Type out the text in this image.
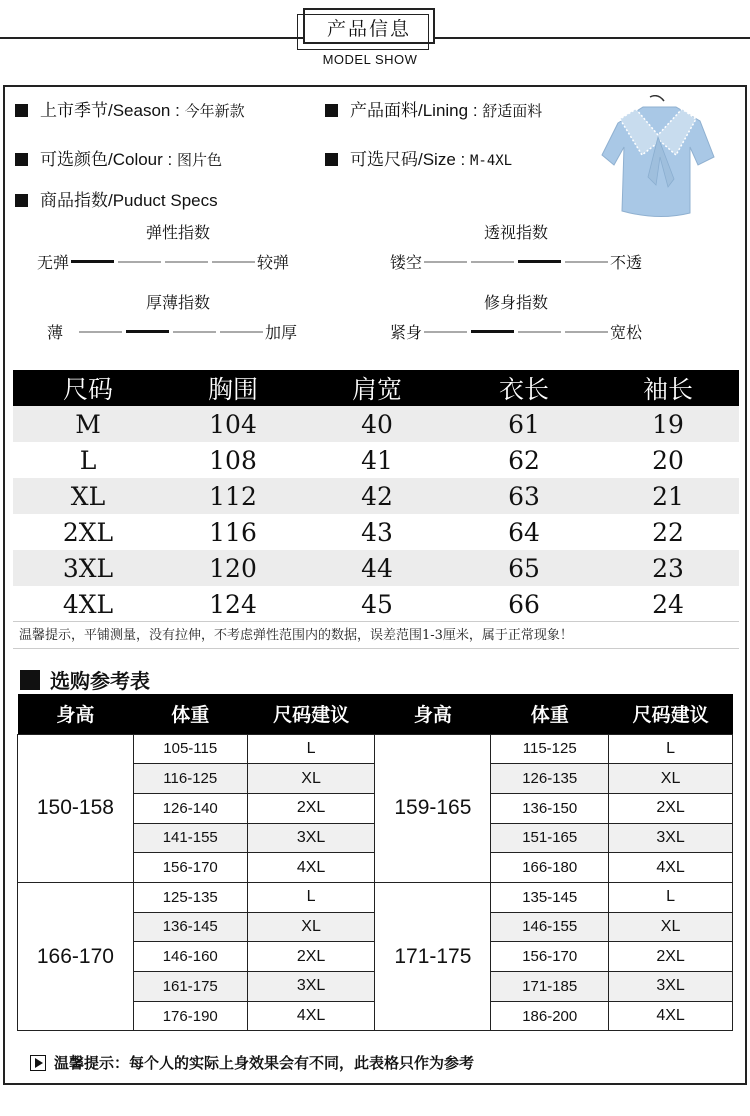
产品信息
MODEL SHOW
上市季节/Season : 今年新款	产品面料/Lining : 舒适面料
可选颜色/Colour : 图片色	可选尺码/Size : M-4XL
商品指数/Puduct Specs
弹性指数
无弹	较弹
透视指数
镂空	不透
厚薄指数
薄	加厚
修身指数
紧身	宽松
尺码	胸围	肩宽	衣长	袖长
M	104	40	61	19
L	108	41	62	20
XL	112	42	63	21
2XL	116	43	64	22
3XL	120	44	65	23
4XL	124	45	66	24
温馨提示，平铺测量，没有拉伸，不考虑弹性范围内的数据，误差范围1-3厘米，属于正常现象！
选购参考表
身高	体重	尺码建议	身高	体重	尺码建议
150-158	105-115	L	159-165	115-125	L
	116-125	XL		126-135	XL
	126-140	2XL		136-150	2XL
	141-155	3XL		151-165	3XL
	156-170	4XL		166-180	4XL
166-170	125-135	L	171-175	135-145	L
	136-145	XL		146-155	XL
	146-160	2XL		156-170	2XL
	161-175	3XL		171-185	3XL
	176-190	4XL		186-200	4XL
温馨提示：每个人的实际上身效果会有不同，此表格只作为参考
